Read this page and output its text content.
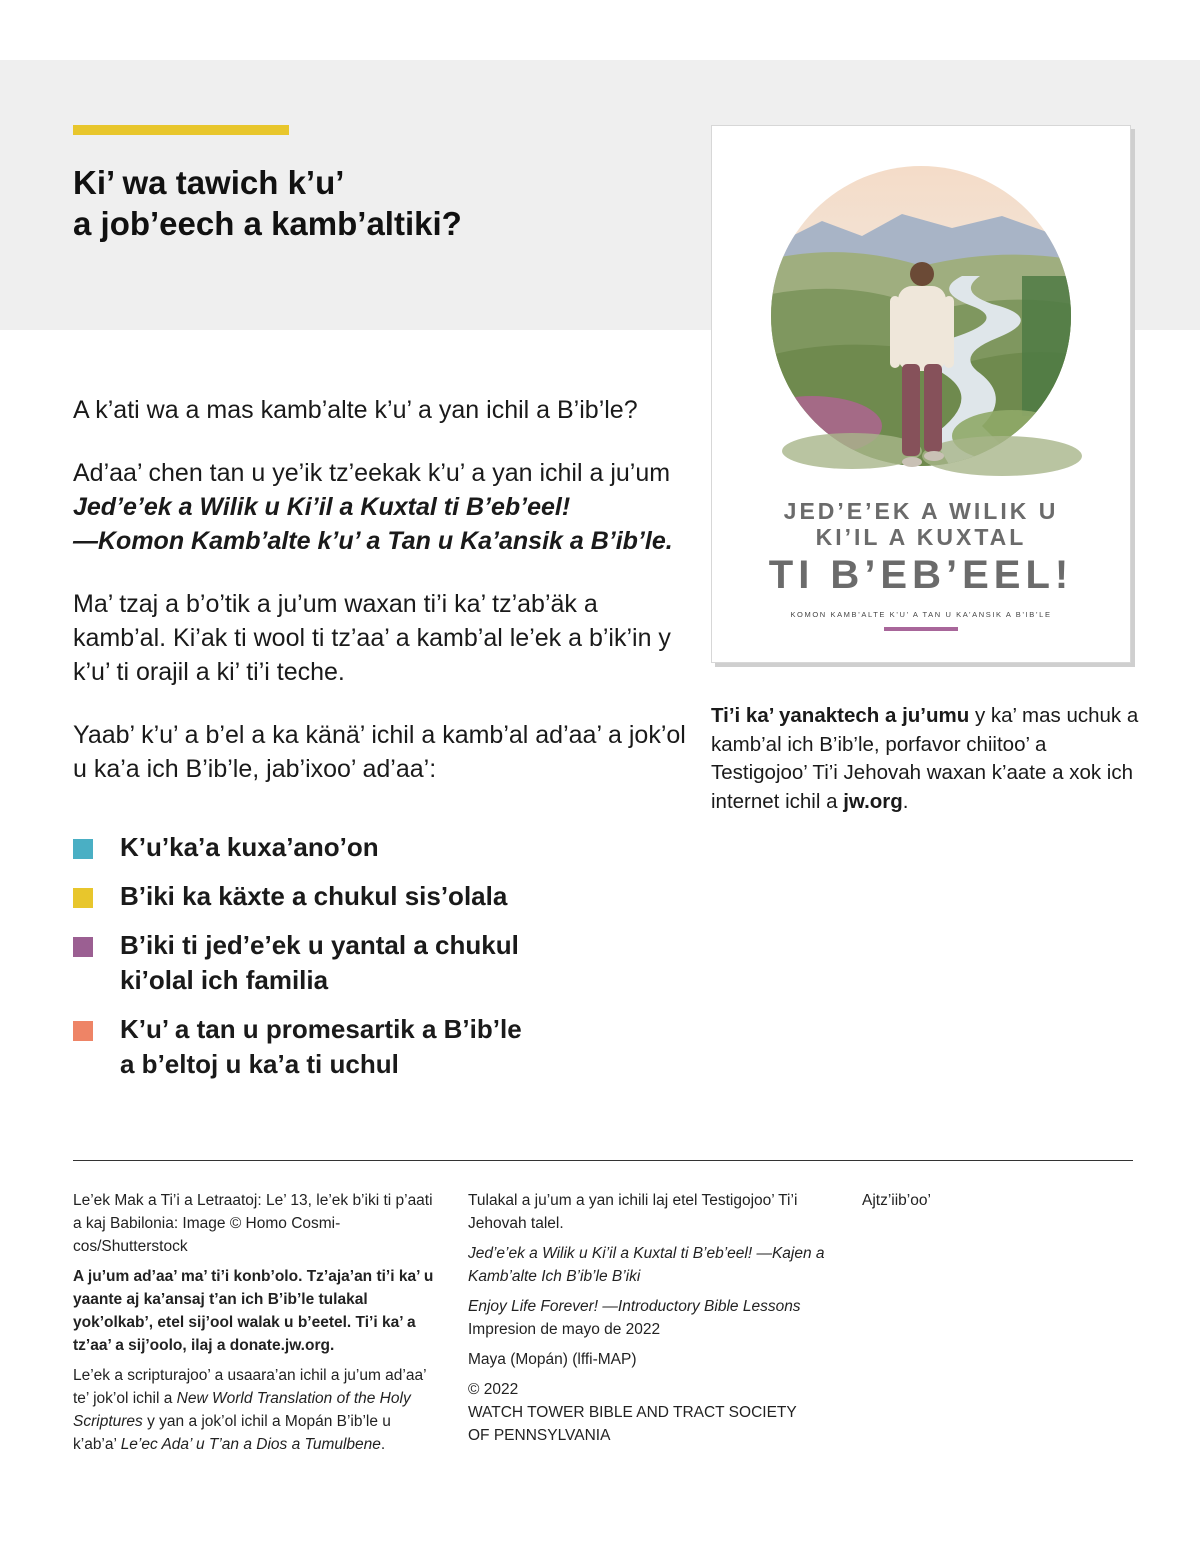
Ki’ wa tawich k’u’
a job’eech a kamb’altiki?

A k’ati wa a mas kamb’alte k’u’ a yan ichil a B’ib’le?

Ad’aa’ chen tan u ye’ik tz’eekak k’u’ a yan ichil a ju’um Jed’e’ek a Wilik u Ki’il a Kuxtal ti B’eb’eel!
—Komon Kamb’alte k’u’ a Tan u Ka’ansik a B’ib’le.

Ma’ tzaj a b’o’tik a ju’um waxan ti’i ka’ tz’ab’äk a kamb’al. Ki’ak ti wool ti tz’aa’ a kamb’al le’ek a b’ik’in y k’u’ ti orajil a ki’ ti’i teche.

Yaab’ k’u’ a b’el a ka känä’ ichil a kamb’al ad’aa’ a jok’ol u ka’a ich B’ib’le, jab’ixoo’ ad’aa’:

K’u’ka’a kuxa’ano’on
B’iki ka käxte a chukul sis’olala
B’iki ti jed’e’ek u yantal a chukul
ki’olal ich familia
K’u’ a tan u promesartik a B’ib’le
a b’eltoj u ka’a ti uchul
JED’E’EK A WILIK U
KI’IL A KUXTAL
TI B’EB’EEL!
KOMON KAMB’ALTE K’U’ A TAN U KA’ANSIK A B’IB’LE
Ti’i ka’ yanaktech a ju’umu y ka’ mas uchuk a kamb’al ich B’ib’le, porfavor chiitoo’ a Testigojoo’ Ti’i Jehovah waxan k’aate a xok ich internet ichil a jw.org.

Le’ek Mak a Ti’i a Letraatoj: Le’ 13, le’ek b’iki ti p’aati a kaj Babilonia: Image © Homo Cosmicos/Shutterstock

A ju’um ad’aa’ ma’ ti’i konb’olo. Tz’aja’an ti’i ka’ u yaante aj ka’ansaj t’an ich B’ib’le tulakal yok’olkab’, etel sij’ool walak u b’eetel. Ti’i ka’ a tz’aa’ a sij’oolo, ilaj a donate.jw.org.

Le’ek a scripturajoo’ a usaara’an ichil a ju’um ad’aa’ te’ jok’ol ichil a New World Translation of the Holy Scriptures y yan a jok’ol ichil a Mopán B’ib’le u k’ab’a’ Le’ec Ada’ u T’an a Dios a Tumulbene.

Tulakal a ju’um a yan ichili laj etel Testigojoo’ Ti’i Jehovah talel.

Jed’e’ek a Wilik u Ki’il a Kuxtal ti B’eb’eel! —Kajen a Kamb’alte Ich B’ib’le B’iki

Enjoy Life Forever! —Introductory Bible Lessons
Impresion de mayo de 2022

Maya (Mopán) (lffi-MAP)

© 2022
WATCH TOWER BIBLE AND TRACT SOCIETY
OF PENNSYLVANIA

Ajtz’iib’oo’
